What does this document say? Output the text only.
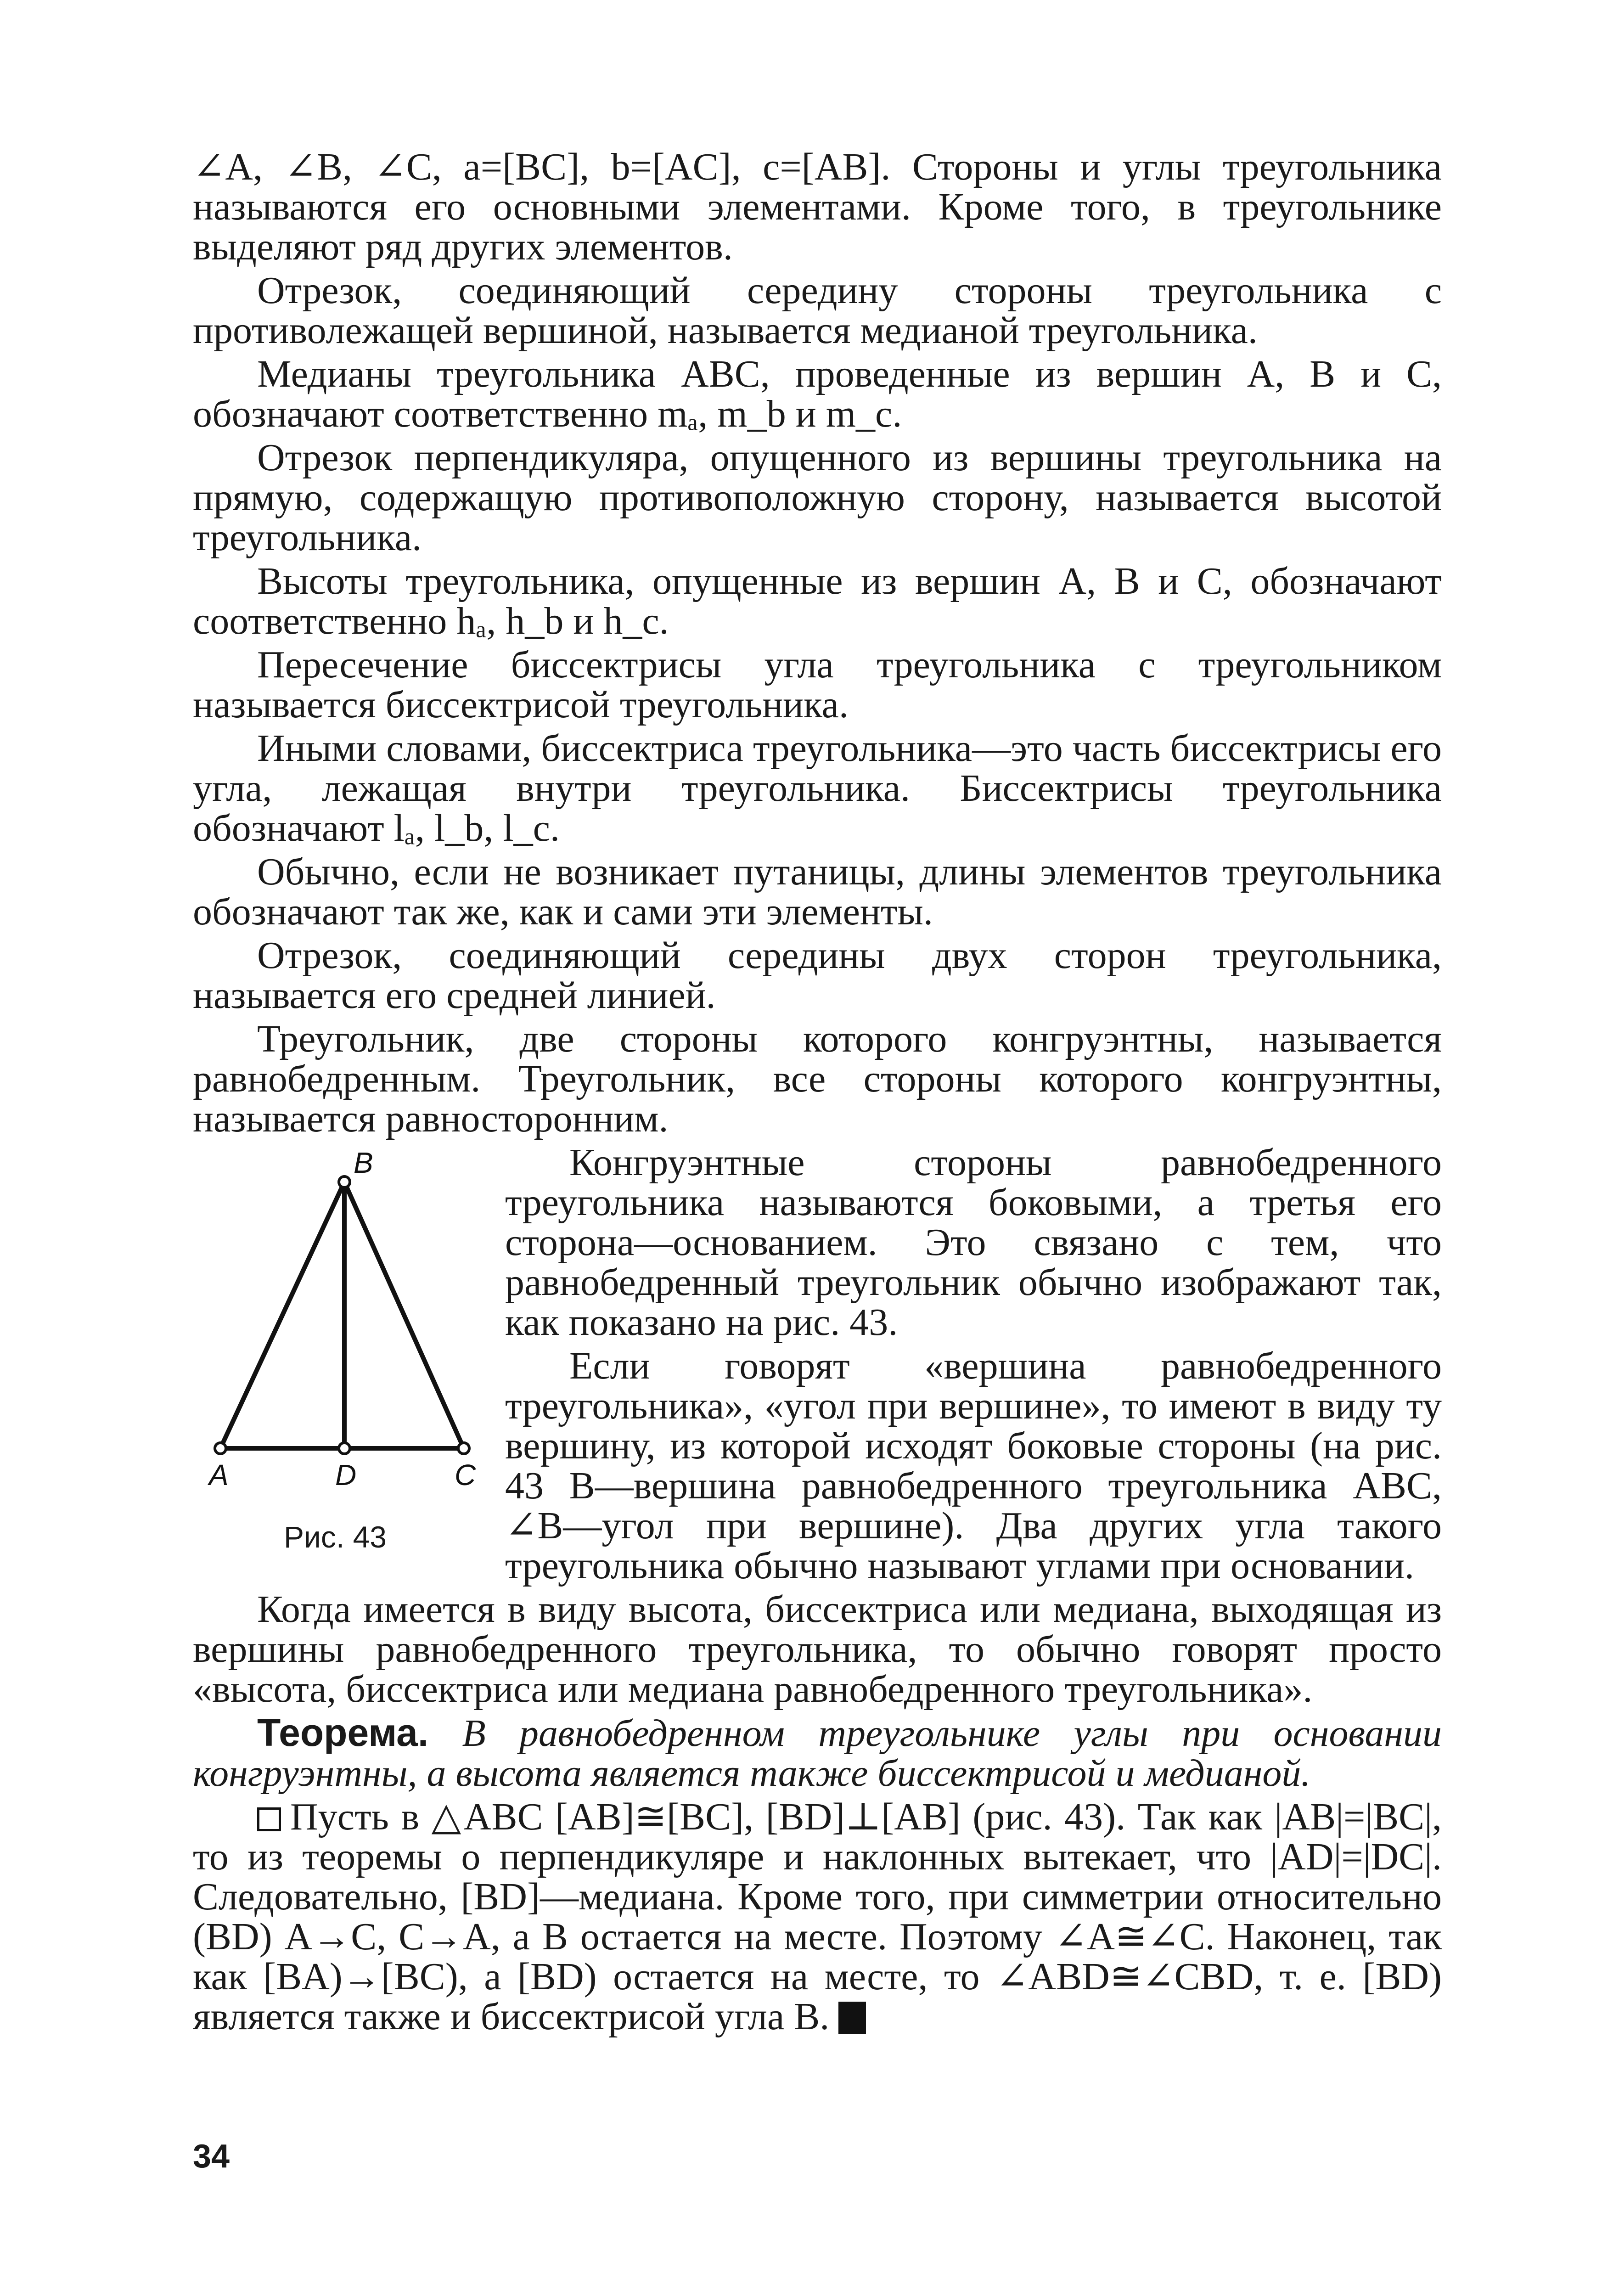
∠A, ∠B, ∠C, a=[BC], b=[AC], c=[AB]. Стороны и углы треугольника называются его основными элементами. Кроме того, в треугольнике выделяют ряд других элементов.

Отрезок, соединяющий середину стороны треугольника с противолежащей вершиной, называется медианой треугольника.

Медианы треугольника ABC, проведенные из вершин A, B и C, обозначают соответственно mₐ, m_b и m_c.

Отрезок перпендикуляра, опущенного из вершины треугольника на прямую, содержащую противоположную сторону, называется высотой треугольника.

Высоты треугольника, опущенные из вершин A, B и C, обозначают соответственно hₐ, h_b и h_c.

Пересечение биссектрисы угла треугольника с треугольником называется биссектрисой треугольника.

Иными словами, биссектриса треугольника—это часть биссектрисы его угла, лежащая внутри треугольника. Биссектрисы треугольника обозначают lₐ, l_b, l_c.

Обычно, если не возникает путаницы, длины элементов треугольника обозначают так же, как и сами эти элементы.

Отрезок, соединяющий середины двух сторон треугольника, называется его средней линией.

Треугольник, две стороны которого конгруэнтны, называется равнобедренным. Треугольник, все стороны которого конгруэнтны, называется равносторонним.

B
A	D	C
Рис. 43

Конгруэнтные стороны равнобедренного треугольника называются боковыми, а третья его сторона—основанием. Это связано с тем, что равнобедренный треугольник обычно изображают так, как показано на рис. 43.

Если говорят «вершина равнобедренного треугольника», «угол при вершине», то имеют в виду ту вершину, из которой исходят боковые стороны (на рис. 43 B—вершина равнобедренного треугольника ABC, ∠B—угол при вершине). Два других угла такого треугольника обычно называют углами при основании.

Когда имеется в виду высота, биссектриса или медиана, выходящая из вершины равнобедренного треугольника, то обычно говорят просто «высота, биссектриса или медиана равнобедренного треугольника».

Теорема. В равнобедренном треугольнике углы при основании конгруэнтны, а высота является также биссектрисой и медианой.

Пусть в △ABC [AB]≅[BC], [BD]⊥[AB] (рис. 43). Так как |AB|=|BC|, то из теоремы о перпендикуляре и наклонных вытекает, что |AD|=|DC|. Следовательно, [BD]—медиана. Кроме того, при симметрии относительно (BD) A→C, C→A, а B остается на месте. Поэтому ∠A≅∠C. Наконец, так как [BA)→[BC), а [BD) остается на месте, то ∠ABD≅∠CBD, т. е. [BD) является также и биссектрисой угла B.

34
